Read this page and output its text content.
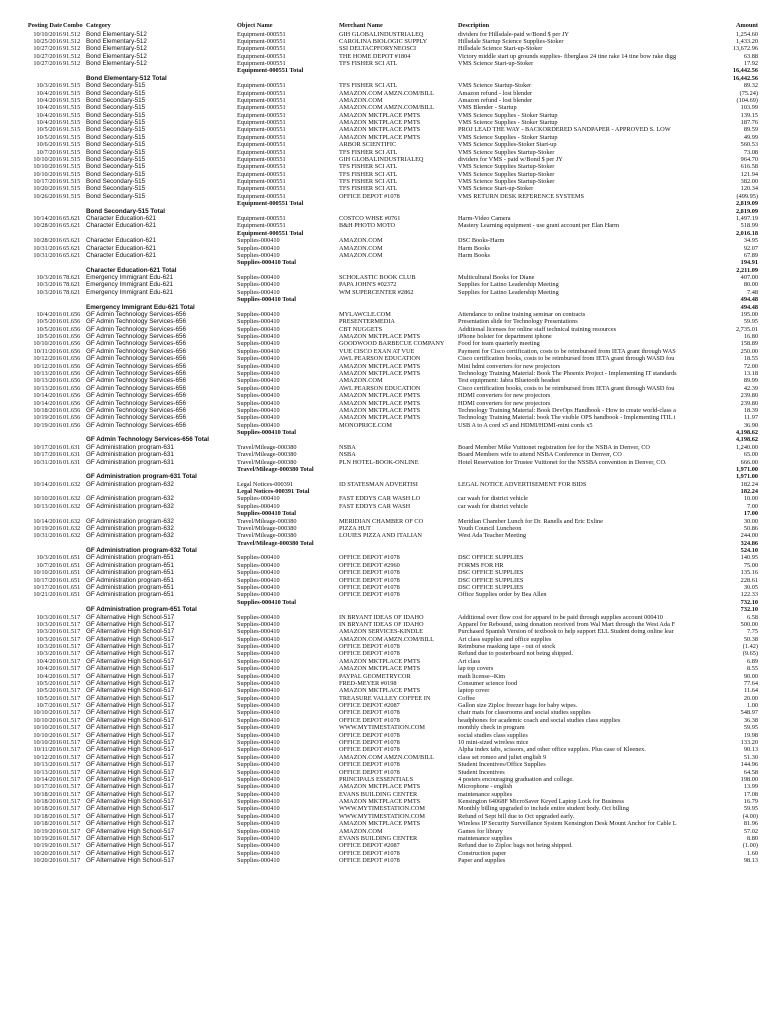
Posting Date Combo Category	Object Name	Merchant Name	Description	Amount
10/10/2016 91.512 Bond Elementary-512	Equipment-000551	GIH GLOBALINDUSTRIALEQ	dividers for Hillsdale-paid w/Bond $ per JY	1,254.60
10/25/2016 91.512 Bond Elementary-512	Equipment-000551	CAROLINA BIOLOGIC SUPPLY	Hillsdale Startup Science Supplies-Stoker	1,433.20
10/27/2016 91.512 Bond Elementary-512	Equipment-000551	SSI DELTACPFORYNEOSCI	Hillsdale Science Start-up-Stoker	13,672.96
10/27/2016 91.512 Bond Elementary-512	Equipment-000551	THE HOME DEPOT #1804	Victory middle start up grounds supplies- fiberglass 24 tine rake 14 tine bow rake digg	63.88
10/27/2016 91.512 Bond Elementary-512	Equipment-000551	TFS FISHER SCI ATL	VMS Science Start-up-Stoker	17.92
Equipment-000551 Total	16,442.56
Bond Elementary-512 Total	16,442.56
10/3/2016 91.515 Bond Secondary-515	Equipment-000551	TFS FISHER SCI ATL	VMS Science Startup-Stoker	89.32
10/4/2016 91.515 Bond Secondary-515	Equipment-000551	AMAZON.COM AMZN.COM/BILL	Amazon refund - lost blender	(75.24)
10/4/2016 91.515 Bond Secondary-515	Equipment-000551	AMAZON.COM	Amazon refund - lost blender	(104.69)
10/4/2016 91.515 Bond Secondary-515	Equipment-000551	AMAZON.COM AMZN.COM/BILL	VMS Blender - Startup	103.99
10/4/2016 91.515 Bond Secondary-515	Equipment-000551	AMAZON MKTPLACE PMTS	VMS Science Supplies - Stoker Startup	139.15
10/4/2016 91.515 Bond Secondary-515	Equipment-000551	AMAZON MKTPLACE PMTS	VMS Science Supplies - Stoker Startup	187.76
10/5/2016 91.515 Bond Secondary-515	Equipment-000551	AMAZON MKTPLACE PMTS	PROJ LEAD THE WAY - BACKORDERED SANDPAPER - APPROVED S. LOW	89.59
10/5/2016 91.515 Bond Secondary-515	Equipment-000551	AMAZON MKTPLACE PMTS	VMS Science Supplies - Stoker Startup	49.99
10/6/2016 91.515 Bond Secondary-515	Equipment-000551	ARBOR SCIENTIFIC	VMS Science Supplies-Stoker Start-up	560.53
10/7/2016 91.515 Bond Secondary-515	Equipment-000551	TFS FISHER SCI ATL	VMS Science Supplies Startup-Stoker	73.08
10/10/2016 91.515 Bond Secondary-515	Equipment-000551	GIH GLOBALINDUSTRIALEQ	dividers for VMS - paid w/Bond $ per JY	964.70
10/10/2016 91.515 Bond Secondary-515	Equipment-000551	TFS FISHER SCI ATL	VMS Science Supplies Startup-Stoker	616.58
10/10/2016 91.515 Bond Secondary-515	Equipment-000551	TFS FISHER SCI ATL	VMS Science Supplies Startup-Stoker	121.94
10/17/2016 91.515 Bond Secondary-515	Equipment-000551	TFS FISHER SCI ATL	VMS Science Supplies Startup-Stoker	382.00
10/20/2016 91.515 Bond Secondary-515	Equipment-000551	TFS FISHER SCI ATL	VMS Science Start-up-Stoker	120.34
10/26/2016 91.515 Bond Secondary-515	Equipment-000551	OFFICE DEPOT #1078	VMS RETURN DESK REFERENCE SYSTEMS	(499.95)
Equipment-000551 Total	2,819.09
Bond Secondary-515 Total	2,819.09
10/14/2016 65.621 Character Education-621	Equipment-000551	COSTCO WHSE #0761	Harm-Video Camera	1,497.19
10/28/2016 65.621 Character Education-621	Equipment-000551	B&H PHOTO MOTO	Mastery Learning equipment - use grant account per Elan Harm	518.99
Equipment-000551 Total	2,016.18
10/28/2016 65.621 Character Education-621	Supplies-000410	AMAZON.COM	DSC Books-Harm	34.95
10/31/2016 65.621 Character Education-621	Supplies-000410	AMAZON.COM	Harm Books	92.07
10/31/2016 65.621 Character Education-621	Supplies-000410	AMAZON.COM	Harm Books	67.89
Supplies-000410 Total	194.91
Character Education-621 Total	2,211.09
10/3/2016 78.621 Emergency Immigrant Edu-621	Supplies-000410	SCHOLASTIC BOOK CLUB	Multicultural Books for Diane	407.00
10/3/2016 78.621 Emergency Immigrant Edu-621	Supplies-000410	PAPA JOHN'S #02372	Supplies for Latino Leadership Meeting	80.00
10/3/2016 78.621 Emergency Immigrant Edu-621	Supplies-000410	WM SUPERCENTER #2862	Supplies for Latino Leadership Meeting	7.48
Supplies-000410 Total	494.48
Emergency Immigrant Edu-621 Total	494.48
10/4/2016 01.656 GF Admin Technology Services-656	Supplies-000410	MYLAWCLE.COM	Attendance to online training seminar on contracts	195.00
10/5/2016 01.656 GF Admin Technology Services-656	Supplies-000410	PRESENTERMEDIA	Presentation slide for Technology Presentations	59.95
10/5/2016 01.656 GF Admin Technology Services-656	Supplies-000410	CBT NUGGETS	Additional licenses for online staff technical training resources	2,735.01
10/5/2016 01.656 GF Admin Technology Services-656	Supplies-000410	AMAZON MKTPLACE PMTS	iPhone holster for department iphone	16.80
10/10/2016 01.656 GF Admin Technology Services-656	Supplies-000410	GOODWOOD BARBECUE COMPANY	Food for team quarterly meeting	158.89
10/11/2016 01.656 GF Admin Technology Services-656	Supplies-000410	VUE CISCO EXAN AT VUE	Payment for Cisco certification, costs to be reimbursed from IETA grant through WAS	250.00
10/12/2016 01.656 GF Admin Technology Services-656	Supplies-000410	AWL PEARSON EDUCATION	Cisco certification books, costs to be reimbursed from IETA grant through WASD fou	18.55
10/12/2016 01.656 GF Admin Technology Services-656	Supplies-000410	AMAZON MKTPLACE PMTS	Mini hdmi converters for new projectors	72.00
10/13/2016 01.656 GF Admin Technology Services-656	Supplies-000410	AMAZON MKTPLACE PMTS	Technology Training Material: Book The Phoenix Project - Implementing IT standards	13.18
10/13/2016 01.656 GF Admin Technology Services-656	Supplies-000410	AMAZON.COM	Test equipment: Jabra Bluetooth headset	89.99
10/13/2016 01.656 GF Admin Technology Services-656	Supplies-000410	AWL PEARSON EDUCATION	Cisco certification books, costs to be reimbursed from IETA grant through WASD fou	42.39
10/14/2016 01.656 GF Admin Technology Services-656	Supplies-000410	AMAZON MKTPLACE PMTS	HDMI converters for new projectors	239.80
10/14/2016 01.656 GF Admin Technology Services-656	Supplies-000410	AMAZON MKTPLACE PMTS	HDMI converters for new projectors	239.80
10/18/2016 01.656 GF Admin Technology Services-656	Supplies-000410	AMAZON MKTPLACE PMTS	Technology Training Material: Book DevOps Handbook - How to create world-class a	18.39
10/19/2016 01.656 GF Admin Technology Services-656	Supplies-000410	AMAZON MKTPLACE PMTS	Technology Training Material: book The visible OPS handbook - Implementing ITIL i	11.97
10/19/2016 01.656 GF Admin Technology Services-656	Supplies-000410	MONOPRICE.COM	USB A to A cord x5 and HDMI/HDMI-mini cords x5	36.90
Supplies-000410 Total	4,198.62
GF Admin Technology Services-656 Total	4,198.62
10/17/2016 01.631 GF Administration program-631	Travel/Mileage-000380	NSBA	Board Member Mike Vuittonet registration fee for the NSBA in Denver, CO	1,240.00
10/17/2016 01.631 GF Administration program-631	Travel/Mileage-000380	NSBA	Board Members wife to attend NSBA Conference in Denver, CO	65.00
10/31/2016 01.631 GF Administration program-631	Travel/Mileage-000380	PLN HOTEL-BOOK-ONLINE	Hotel Reservation for Trustee Vuittonet for the NSSBA convention in Denver, CO.	666.00
Travel/Mileage-000380 Total	1,971.00
GF Administration program-631 Total	1,971.00
10/14/2016 01.632 GF Administration program-632	Legal Notices-000391	ID STATESMAN ADVERTISI	LEGAL NOTICE ADVERTISEMENT FOR BIDS	182.24
Legal Notices-000391 Total	182.24
10/10/2016 01.632 GF Administration program-632	Supplies-000410	FAST EDDYS CAR WASH LO	car wash for district vehicle	10.00
10/13/2016 01.632 GF Administration program-632	Supplies-000410	FAST EDDYS CAR WASH	car wash for district vehicle	7.00
Supplies-000410 Total	17.00
10/14/2016 01.632 GF Administration program-632	Travel/Mileage-000380	MERIDIAN CHAMBER OF CO	Meridian Chamber Lunch for Dr. Ranells and Eric Exline	30.00
10/19/2016 01.632 GF Administration program-632	Travel/Mileage-000380	PIZZA HUT	Youth Council Luncheon	50.86
10/31/2016 01.632 GF Administration program-632	Travel/Mileage-000380	LOUIES PIZZA AND ITALIAN	West Ada Teacher Meeting	244.00
Travel/Mileage-000380 Total	324.86
GF Administration program-632 Total	524.10
10/3/2016 01.651 GF Administration program-651	Supplies-000410	OFFICE DEPOT #1078	DSC OFFICE SUPPLIES	140.95
10/7/2016 01.651 GF Administration program-651	Supplies-000410	OFFICE DEPOT #2960	FORMS FOR HR	75.00
10/10/2016 01.651 GF Administration program-651	Supplies-000410	OFFICE DEPOT #1078	DSC OFFICE SUPPLIES	135.16
10/17/2016 01.651 GF Administration program-651	Supplies-000410	OFFICE DEPOT #1078	DSC OFFICE SUPPLIES	228.61
10/17/2016 01.651 GF Administration program-651	Supplies-000410	OFFICE DEPOT #1078	DSC OFFICE SUPPLIES	30.05
10/21/2016 01.651 GF Administration program-651	Supplies-000410	OFFICE DEPOT #1078	Office Supplies order by Bea Allen	122.33
Supplies-000410 Total	732.10
GF Administration program-651 Total	732.10
10/3/2016 01.517 GF Alternative High School-517	Supplies-000410	IN BRYANT IDEAS OF IDAHO	Additional over flow cost for apparel to be paid through supplies account 000410	6.58
10/3/2016 01.517 GF Alternative High School-517	Supplies-000410	IN BRYANT IDEAS OF IDAHO	Apparel for Rebound, using donation received from Wal Mart through the West Ada F	500.00
10/3/2016 01.517 GF Alternative High School-517	Supplies-000410	AMAZON SERVICES-KINDLE	Purchased Spanish Version of textbook to help support ELL Student doing online lear	7.75
10/3/2016 01.517 GF Alternative High School-517	Supplies-000410	AMAZON.COM AMZN.COM/BILL	Art class supplies and office supplies	50.38
10/3/2016 01.517 GF Alternative High School-517	Supplies-000410	OFFICE DEPOT #1078	Reimburse masking tape - out of stock	(1.42)
10/3/2016 01.517 GF Alternative High School-517	Supplies-000410	OFFICE DEPOT #1078	Refund due to posterboard not being shipped.	(9.65)
10/4/2016 01.517 GF Alternative High School-517	Supplies-000410	AMAZON MKTPLACE PMTS	Art class	6.89
10/4/2016 01.517 GF Alternative High School-517	Supplies-000410	AMAZON MKTPLACE PMTS	lap top covers	8.55
10/4/2016 01.517 GF Alternative High School-517	Supplies-000410	PAYPAL GEOMETRYCOR	math license--Kim	90.00
10/5/2016 01.517 GF Alternative High School-517	Supplies-000410	FRED-MEYER #0198	Consumer science food	77.64
10/5/2016 01.517 GF Alternative High School-517	Supplies-000410	AMAZON MKTPLACE PMTS	laptop cover	11.64
10/5/2016 01.517 GF Alternative High School-517	Supplies-000410	TREASURE VALLEY COFFEE IN	Coffee	20.00
10/7/2016 01.517 GF Alternative High School-517	Supplies-000410	OFFICE DEPOT #2087	Gallon size Ziploc freezer bags for baby wipes.	1.00
10/10/2016 01.517 GF Alternative High School-517	Supplies-000410	OFFICE DEPOT #1078	chair mats for classrooms and social studies supplies	548.97
10/10/2016 01.517 GF Alternative High School-517	Supplies-000410	OFFICE DEPOT #1078	headphones for academic coach and social studies class supplies	36.38
10/10/2016 01.517 GF Alternative High School-517	Supplies-000410	WWW.MYTIMESTATION.COM	monthly check in program	59.95
10/10/2016 01.517 GF Alternative High School-517	Supplies-000410	OFFICE DEPOT #1078	social studies class supplies	19.98
10/10/2016 01.517 GF Alternative High School-517	Supplies-000410	OFFICE DEPOT #1078	10 mini-sized wireless mice	133.20
10/11/2016 01.517 GF Alternative High School-517	Supplies-000410	OFFICE DEPOT #1078	Alpha index tabs, scissors, and other office supplies. Plus case of Kleenex.	90.13
10/12/2016 01.517 GF Alternative High School-517	Supplies-000410	AMAZON.COM AMZN.COM/BILL	class set romeo and juliet english 9	51.30
10/13/2016 01.517 GF Alternative High School-517	Supplies-000410	OFFICE DEPOT #1078	Student Incentives/Office Supplies	144.96
10/13/2016 01.517 GF Alternative High School-517	Supplies-000410	OFFICE DEPOT #1078	Student Incentives	64.58
10/14/2016 01.517 GF Alternative High School-517	Supplies-000410	PRINCIPALS ESSENTIALS	4 posters encouraging graduation and college.	198.00
10/17/2016 01.517 GF Alternative High School-517	Supplies-000410	AMAZON MKTPLACE PMTS	Microphone - english	13.99
10/18/2016 01.517 GF Alternative High School-517	Supplies-000410	EVANS BUILDING CENTER	maintenance supplies	17.08
10/18/2016 01.517 GF Alternative High School-517	Supplies-000410	AMAZON MKTPLACE PMTS	Kensington 64068F MicroSaver Keyed Laptop Lock for Business	16.79
10/18/2016 01.517 GF Alternative High School-517	Supplies-000410	WWW.MYTIMESTATION.COM	Monthly billing upgraded to include entire student body. Oct billing	59.95
10/18/2016 01.517 GF Alternative High School-517	Supplies-000410	WWW.MYTIMESTATION.COM	Refund of Sept bill due to Oct upgraded early.	(4.00)
10/18/2016 01.517 GF Alternative High School-517	Supplies-000410	AMAZON MKTPLACE PMTS	Wireless IP Security Surveillance System Kensington Desk Mount Anchor for Cable L	81.96
10/19/2016 01.517 GF Alternative High School-517	Supplies-000410	AMAZON.COM	Games for library	57.02
10/19/2016 01.517 GF Alternative High School-517	Supplies-000410	EVANS BUILDING CENTER	maintenance supplies	8.80
10/19/2016 01.517 GF Alternative High School-517	Supplies-000410	OFFICE DEPOT #2087	Refund due to Ziploc bags not being shipped.	(1.00)
10/20/2016 01.517 GF Alternative High School-517	Supplies-000410	OFFICE DEPOT #1078	Construction paper	1.60
10/20/2016 01.517 GF Alternative High School-517	Supplies-000410	OFFICE DEPOT #1078	Paper and supplies	98.13
